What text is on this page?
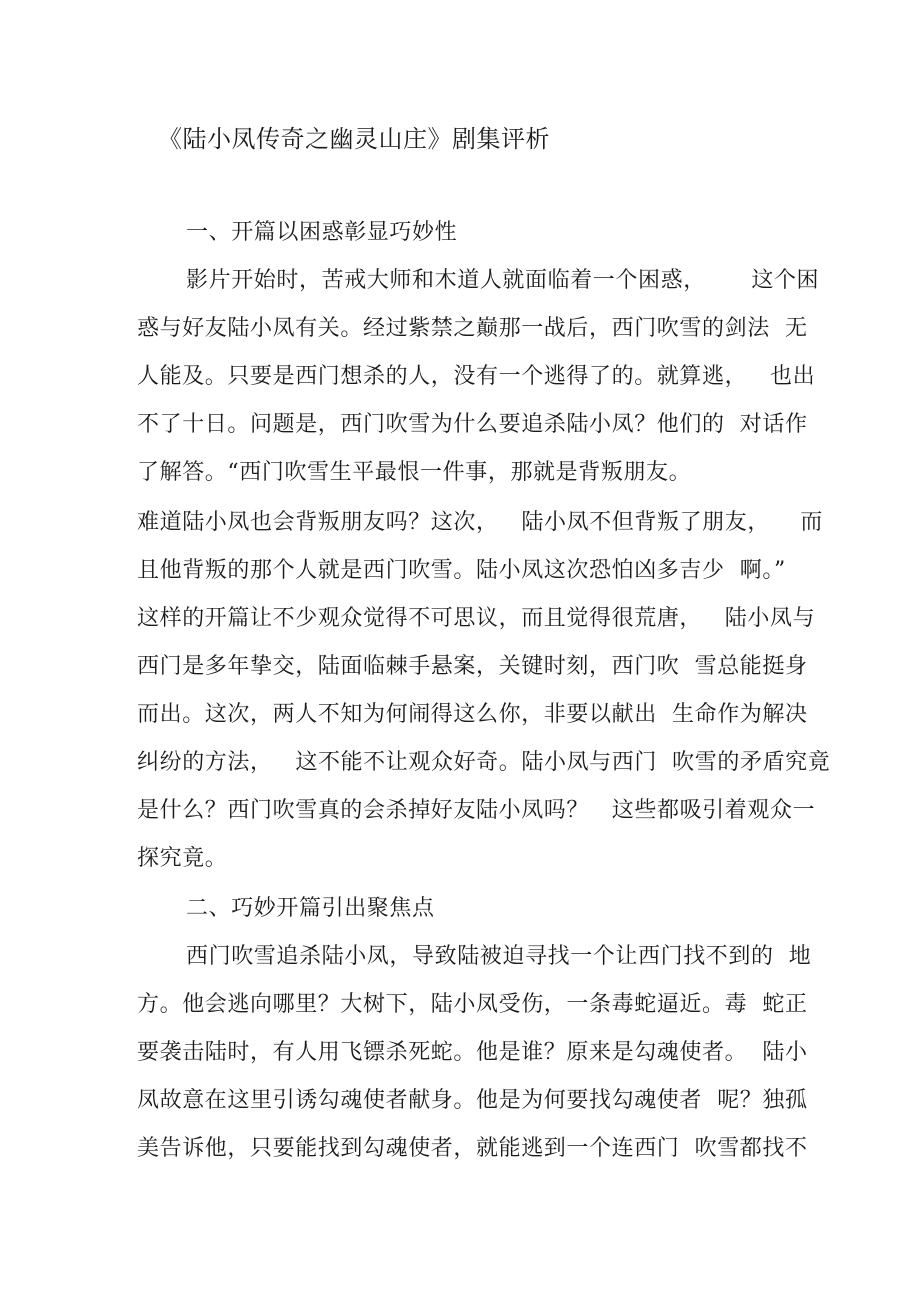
《陆小凤传奇之幽灵山庄》剧集评析
一、开篇以困惑彰显巧妙性
影片开始时，苦戒大师和木道人就面临着一个困惑，      这个困
惑与好友陆小凤有关。经过紫禁之巅那一战后，西门吹雪的剑法  无
人能及。只要是西门想杀的人，没有一个逃得了的。就算逃，   也出
不了十日。问题是，西门吹雪为什么要追杀陆小凤？他们的  对话作
了解答。“西门吹雪生平最恨一件事，那就是背叛朋友。
难道陆小凤也会背叛朋友吗？这次，   陆小凤不但背叛了朋友，    而
且他背叛的那个人就是西门吹雪。陆小凤这次恐怕凶多吉少  啊。”
这样的开篇让不少观众觉得不可思议，而且觉得很荒唐，   陆小凤与
西门是多年挚交，陆面临棘手悬案，关键时刻，西门吹  雪总能挺身
而出。这次，两人不知为何闹得这么你，非要以献出  生命作为解决
纠纷的方法，   这不能不让观众好奇。陆小凤与西门  吹雪的矛盾究竟
是什么？西门吹雪真的会杀掉好友陆小凤吗？   这些都吸引着观众一
探究竟。
二、巧妙开篇引出聚焦点
西门吹雪追杀陆小凤，导致陆被迫寻找一个让西门找不到的  地
方。他会逃向哪里？大树下，陆小凤受伤，一条毒蛇逼近。毒  蛇正
要袭击陆时，有人用飞镖杀死蛇。他是谁？原来是勾魂使者。  陆小
凤故意在这里引诱勾魂使者献身。他是为何要找勾魂使者  呢？独孤
美告诉他，只要能找到勾魂使者，就能逃到一个连西门  吹雪都找不
